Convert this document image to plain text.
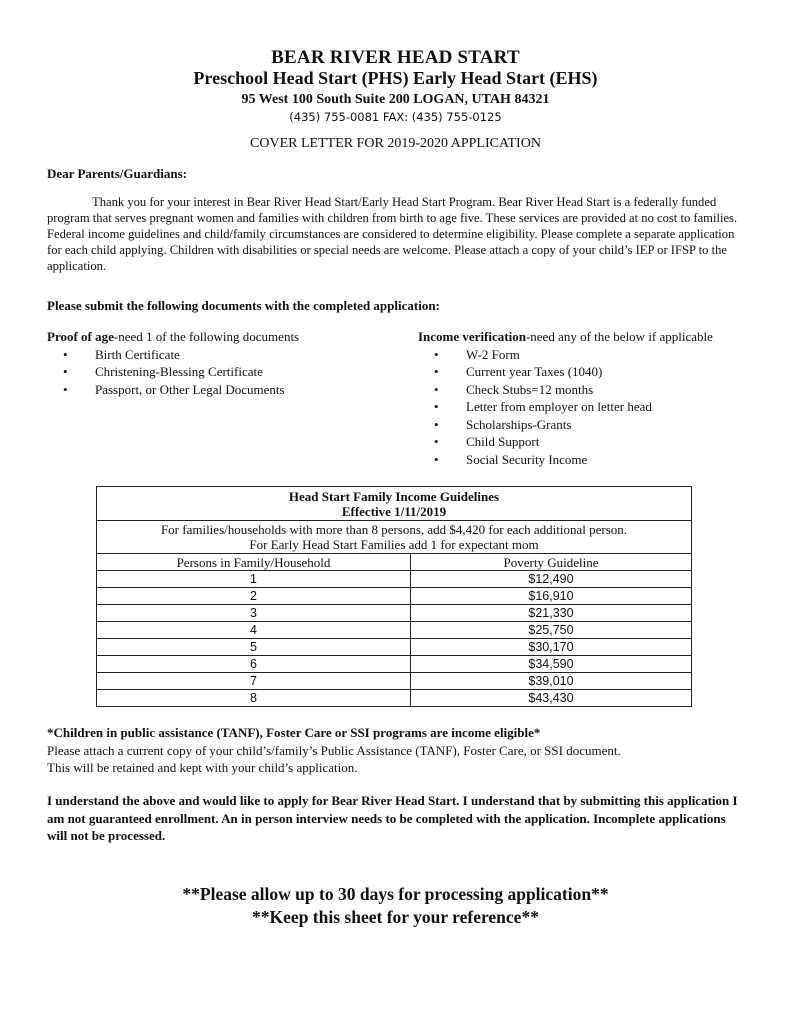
BEAR RIVER HEAD START
Preschool Head Start (PHS) Early Head Start (EHS)
95 West 100 South Suite 200 LOGAN, UTAH 84321
(435) 755-0081 FAX: (435) 755-0125
COVER LETTER FOR 2019-2020 APPLICATION
Dear Parents/Guardians:
Thank you for your interest in Bear River Head Start/Early Head Start Program. Bear River Head Start is a federally funded program that serves pregnant women and families with children from birth to age five. These services are provided at no cost to families. Federal income guidelines and child/family circumstances are considered to determine eligibility. Please complete a separate application for each child applying. Children with disabilities or special needs are welcome. Please attach a copy of your child’s IEP or IFSP to the application.
Please submit the following documents with the completed application:
Proof of age-need 1 of the following documents
• Birth Certificate
• Christening-Blessing Certificate
• Passport, or Other Legal Documents
Income verification-need any of the below if applicable
• W-2 Form
• Current year Taxes (1040)
• Check Stubs=12 months
• Letter from employer on letter head
• Scholarships-Grants
• Child Support
• Social Security Income
Head Start Family Income Guidelines
Effective 1/11/2019	

For families/households with more than 8 persons, add $4,420 for each additional person.
For Early Head Start Families add 1 for expectant mom	

Persons in Family/Household	Poverty Guideline
1	$12,490
2	$16,910
3	$21,330
4	$25,750
5	$30,170
6	$34,590
7	$39,010
8	$43,430
*Children in public assistance (TANF), Foster Care or SSI programs are income eligible*
Please attach a current copy of your child’s/family’s Public Assistance (TANF), Foster Care, or SSI document.
This will be retained and kept with your child’s application.
I understand the above and would like to apply for Bear River Head Start. I understand that by submitting this application I am not guaranteed enrollment. An in person interview needs to be completed with the application. Incomplete applications will not be processed.
**Please allow up to 30 days for processing application**
**Keep this sheet for your reference**
